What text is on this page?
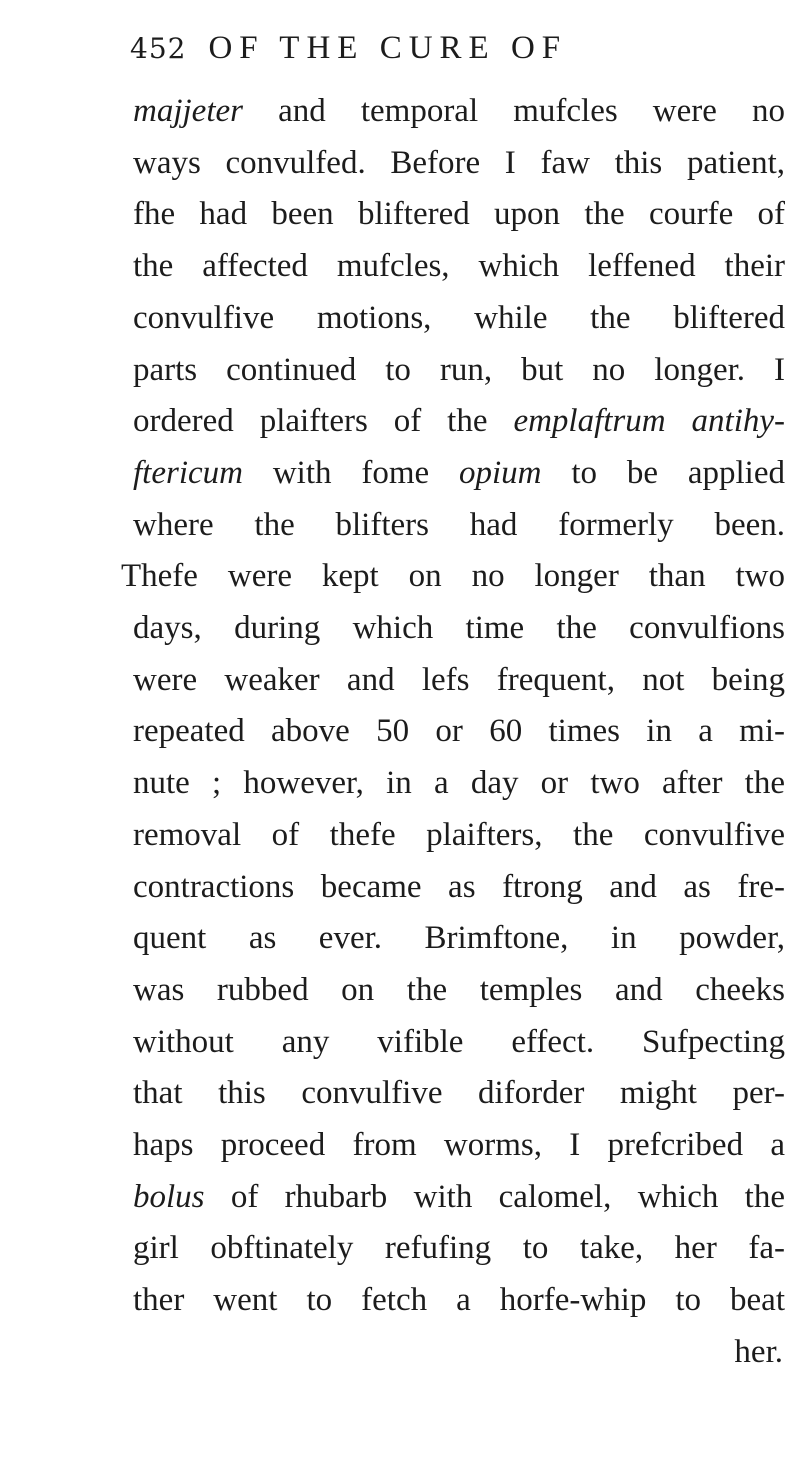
452 OF THE CURE OF
majjeter and temporal mufcles were no
ways convulfed. Before I faw this patient,
fhe had been bliftered upon the courfe of
the affected mufcles, which leffened their
convulfive motions, while the bliftered
parts continued to run, but no longer. I
ordered plaifters of the emplaftrum antihy-
ftericum with fome opium to be applied
where the blifters had formerly been.
Thefe were kept on no longer than two
days, during which time the convulfions
were weaker and lefs frequent, not being
repeated above 50 or 60 times in a mi-
nute ; however, in a day or two after the
removal of thefe plaifters, the convulfive
contractions became as ftrong and as fre-
quent as ever. Brimftone, in powder,
was rubbed on the temples and cheeks
without any vifible effect. Sufpecting
that this convulfive diforder might per-
haps proceed from worms, I prefcribed a
bolus of rhubarb with calomel, which the
girl obftinately refufing to take, her fa-
ther went to fetch a horfe-whip to beat
her.
